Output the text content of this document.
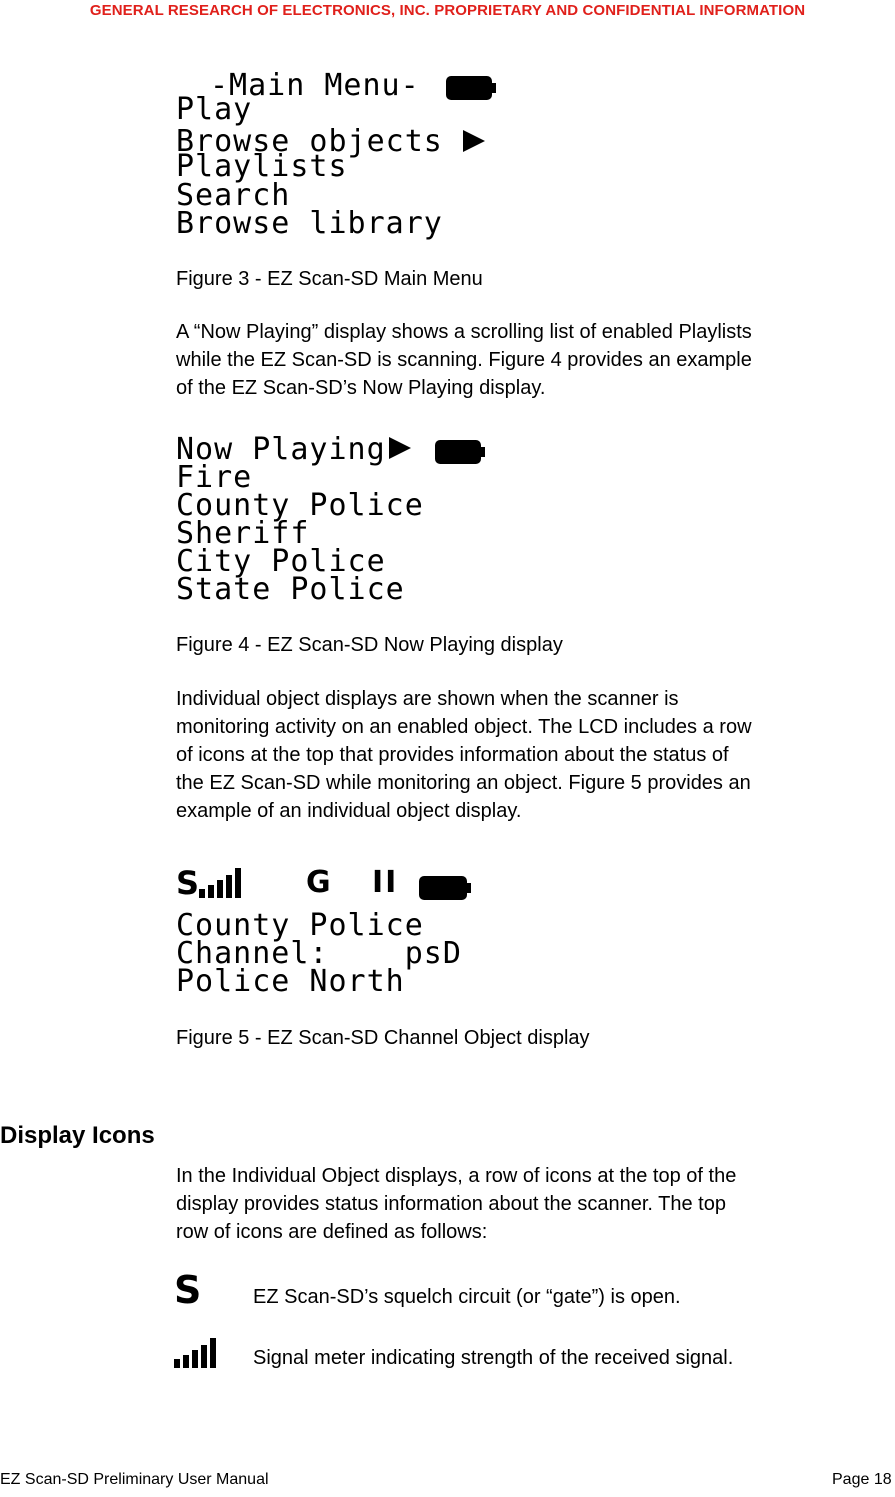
GENERAL RESEARCH OF ELECTRONICS, INC. PROPRIETARY AND CONFIDENTIAL INFORMATION
-Main Menu-
Play
Browse objects
Playlists
Search
Browse library
Figure 3 - EZ Scan-SD Main Menu
A “Now Playing” display shows a scrolling list of enabled Playlists
while the EZ Scan-SD is scanning. Figure 4 provides an example
of the EZ Scan-SD’s Now Playing display.
Now Playing
Fire
County Police
Sheriff
City Police
State Police
Figure 4 - EZ Scan-SD Now Playing display
Individual object displays are shown when the scanner is
monitoring activity on an enabled object. The LCD includes a row
of icons at the top that provides information about the status of
the EZ Scan-SD while monitoring an object. Figure 5 provides an
example of an individual object display.
S	G II
County Police
Channel:    psD
Police North
Figure 5 - EZ Scan-SD Channel Object display
Display Icons
In the Individual Object displays, a row of icons at the top of the
display provides status information about the scanner. The top
row of icons are defined as follows:
S	EZ Scan-SD’s squelch circuit (or “gate”) is open.
Signal meter indicating strength of the received signal.
EZ Scan-SD Preliminary User Manual	Page 18
